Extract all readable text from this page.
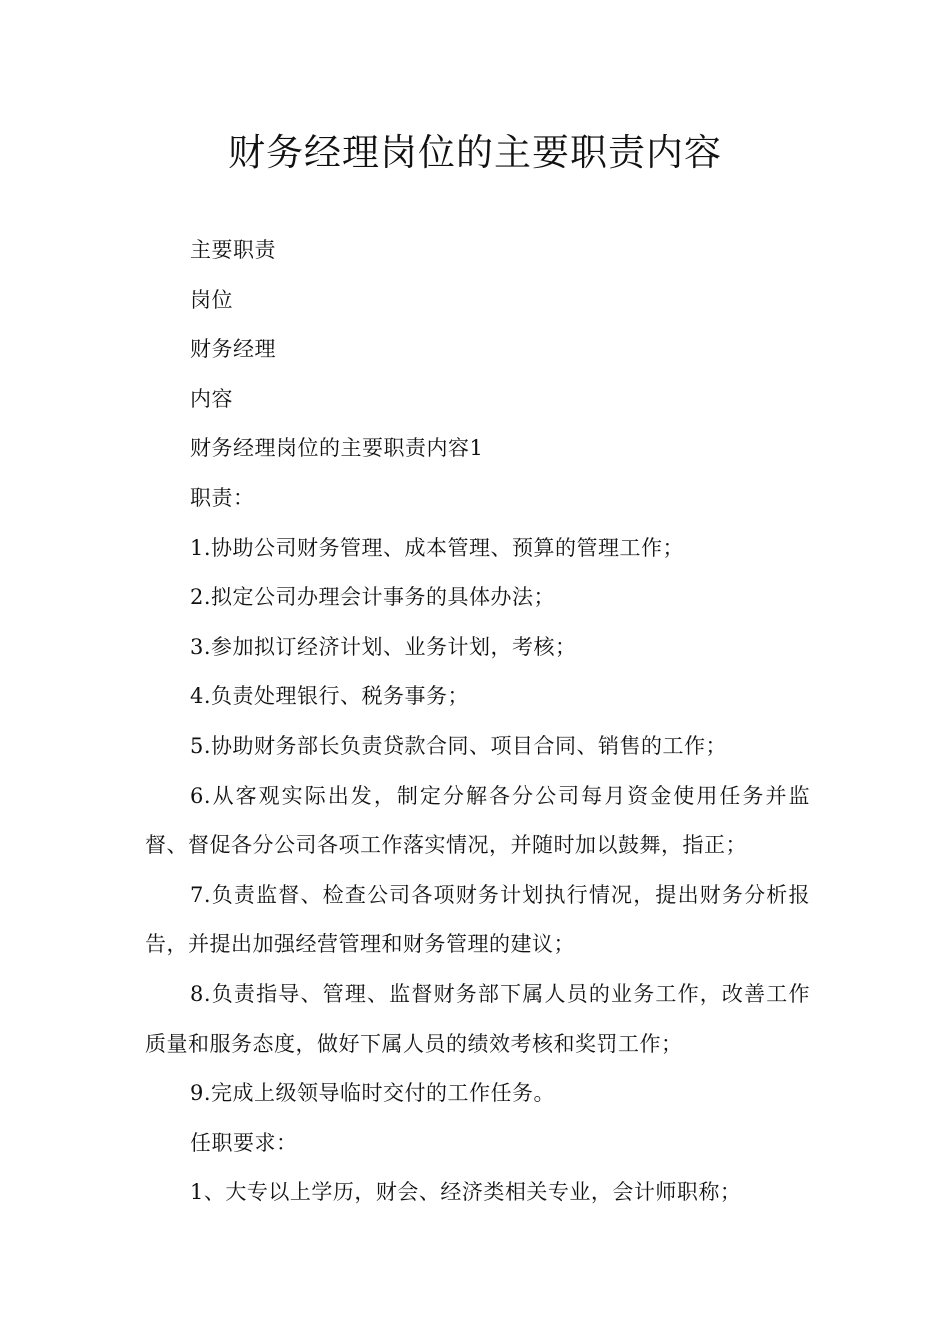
财务经理岗位的主要职责内容

主要职责

岗位

财务经理

内容

财务经理岗位的主要职责内容1

职责：

1.协助公司财务管理、成本管理、预算的管理工作；

2.拟定公司办理会计事务的具体办法；

3.参加拟订经济计划、业务计划，考核；

4.负责处理银行、税务事务；

5.协助财务部长负责贷款合同、项目合同、销售的工作；

6.从客观实际出发，制定分解各分公司每月资金使用任务并监督、督促各分公司各项工作落实情况，并随时加以鼓舞，指正；

7.负责监督、检查公司各项财务计划执行情况，提出财务分析报告，并提出加强经营管理和财务管理的建议；

8.负责指导、管理、监督财务部下属人员的业务工作，改善工作质量和服务态度，做好下属人员的绩效考核和奖罚工作；

9.完成上级领导临时交付的工作任务。

任职要求：

1、大专以上学历，财会、经济类相关专业，会计师职称；
